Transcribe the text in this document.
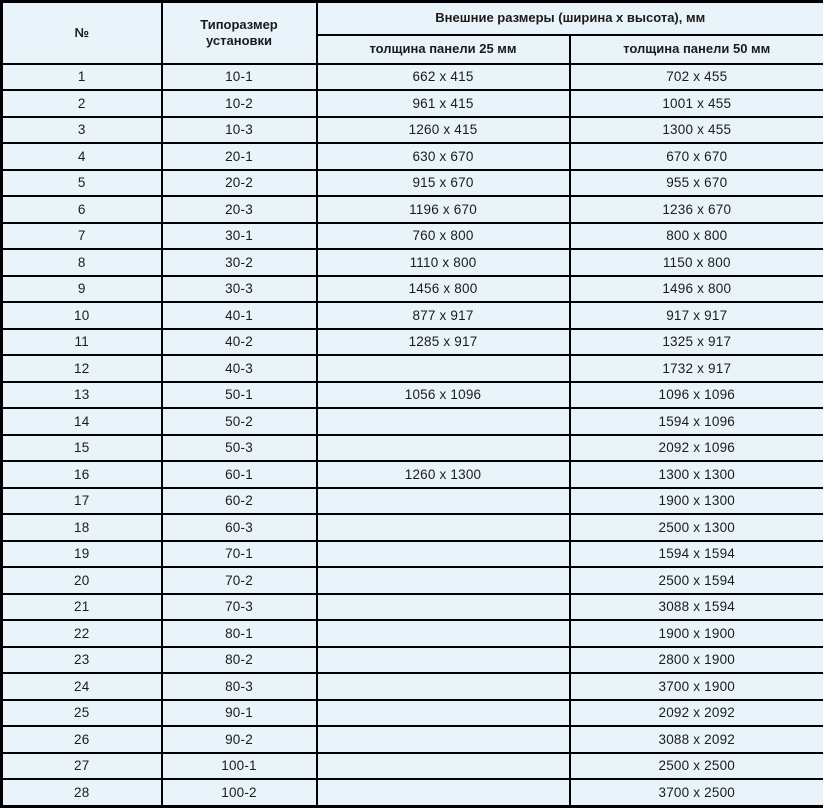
№	Типоразмер установки	Внешние размеры (ширина х высота), мм	
		толщина панели 25 мм	толщина панели 50 мм
1	10-1	662 x 415	702 x 455
2	10-2	961 x 415	1001 x 455
3	10-3	1260 x 415	1300 x 455
4	20-1	630 x 670	670 x 670
5	20-2	915 x 670	955 x 670
6	20-3	1196 x 670	1236 x 670
7	30-1	760 x 800	800 x 800
8	30-2	1110 x 800	1150 x 800
9	30-3	1456 x 800	1496 x 800
10	40-1	877 x 917	917 x 917
11	40-2	1285 x 917	1325 x 917
12	40-3		1732 x 917
13	50-1	1056 x 1096	1096 x 1096
14	50-2		1594 x 1096
15	50-3		2092 x 1096
16	60-1	1260 x 1300	1300 x 1300
17	60-2		1900 x 1300
18	60-3		2500 x 1300
19	70-1		1594 x 1594
20	70-2		2500 x 1594
21	70-3		3088 x 1594
22	80-1		1900 x 1900
23	80-2		2800 x 1900
24	80-3		3700 x 1900
25	90-1		2092 x 2092
26	90-2		3088 x 2092
27	100-1		2500 x 2500
28	100-2		3700 x 2500
